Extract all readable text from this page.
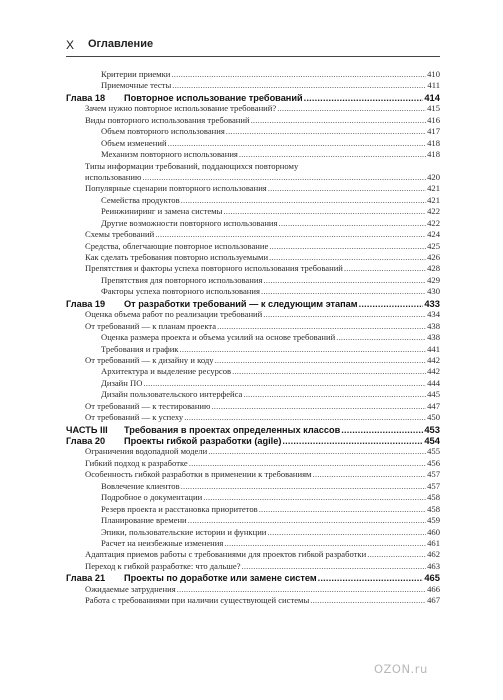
X Оглавление
Критерии приемки .....	410
Приемочные тесты .....	411
Глава 18	Повторное использование требований .....	414
Зачем нужно повторное использование требований? .....	415
Виды повторного использования требований .....	416
Объем повторного использования .....	417
Объем изменений .....	418
Механизм повторного использования .....	418
Типы информации требований, поддающихся повторному
использованию .....	420
Популярные сценарии повторного использования .....	421
Семейства продуктов .....	421
Реинжиниринг и замена системы .....	422
Другие возможности повторного использования .....	422
Схемы требований .....	424
Средства, облегчающие повторное использование .....	425
Как сделать требования повторно используемыми .....	426
Препятствия и факторы успеха повторного использования требований .....	428
Препятствия для повторного использования .....	429
Факторы успеха повторного использования .....	430
Глава 19	От разработки требований — к следующим этапам .....	433
Оценка объема работ по реализации требований .....	434
От требований — к планам проекта .....	438
Оценка размера проекта и объема усилий на основе требований .....	438
Требования и график .....	441
От требований — к дизайну и коду .....	442
Архитектура и выделение ресурсов .....	442
Дизайн ПО .....	444
Дизайн пользовательского интерфейса .....	445
От требований — к тестированию .....	447
От требований — к успеху .....	450
ЧАСТЬ III	Требования в проектах определенных классов .....	453
Глава 20	Проекты гибкой разработки (agile) .....	454
Ограничения водопадной модели .....	455
Гибкий подход к разработке .....	456
Особенность гибкой разработки в применении к требованиям .....	457
Вовлечение клиентов .....	457
Подробное о документации .....	458
Резерв проекта и расстановка приоритетов .....	458
Планирование времени .....	459
Эпики, пользовательские истории и функции .....	460
Расчет на неизбежные изменения .....	461
Адаптация приемов работы с требованиями для проектов гибкой разработки .....	462
Переход к гибкой разработке: что дальше? .....	463
Глава 21	Проекты по доработке или замене систем .....	465
Ожидаемые затруднения .....	466
Работа с требованиями при наличии существующей системы .....	467
OZON.ru
